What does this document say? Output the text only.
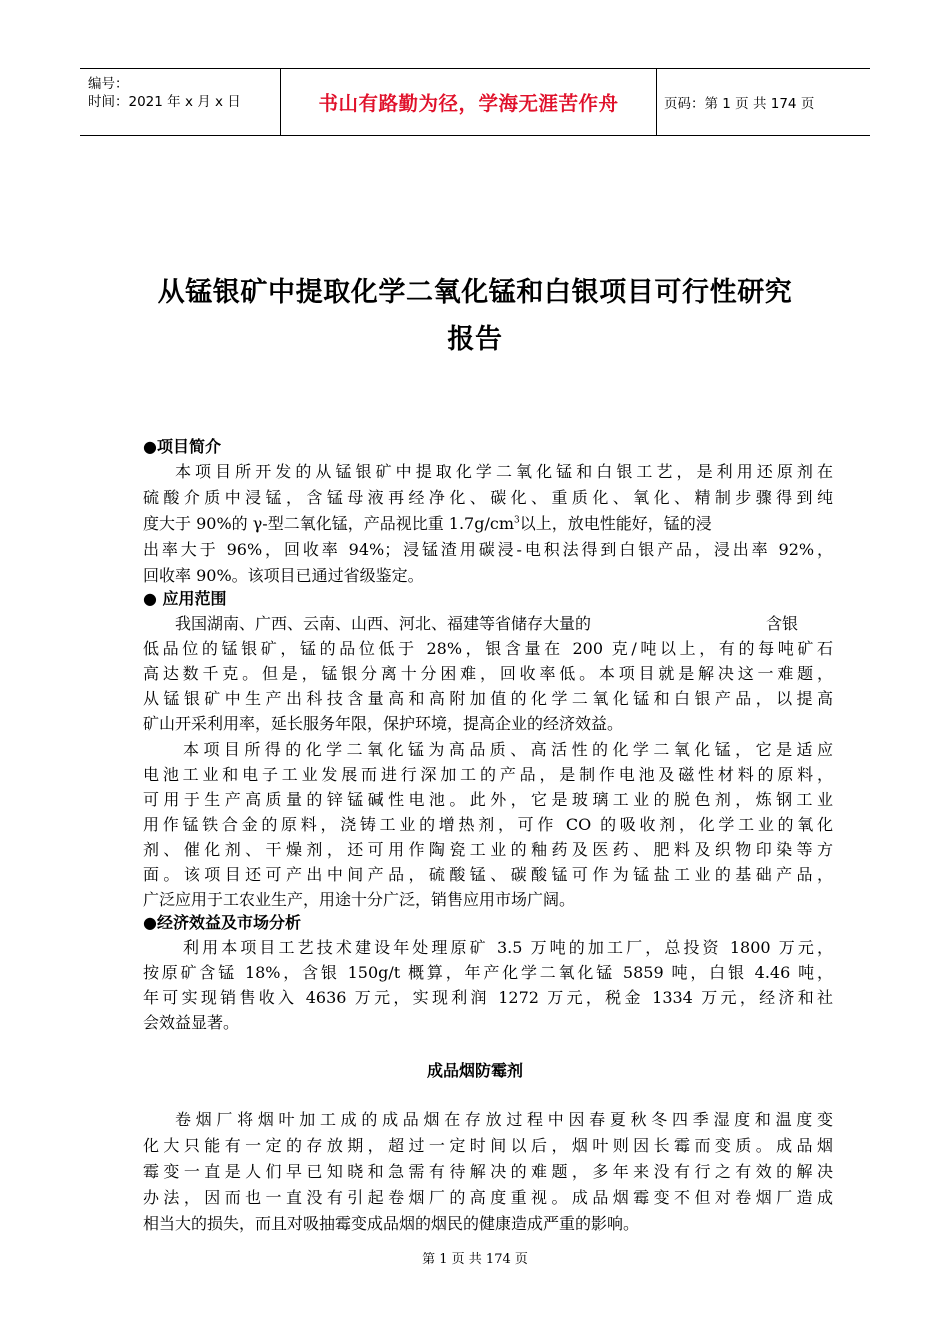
编号：
时间：2021 年 x 月 x 日	书山有路勤为径，学海无涯苦作舟	页码：第 1 页 共 174 页
从锰银矿中提取化学二氧化锰和白银项目可行性研究
报告
●项目简介
本项目所开发的从锰银矿中提取化学二氧化锰和白银工艺，是利用还原剂在
硫酸介质中浸锰，含锰母液再经净化、碳化、重质化、氧化、精制步骤得到纯
度大于 90%的 γ-型二氧化锰，产品视比重 $1.7g/cm^3$以上，放电性能好，锰的浸
出率大于 96%，回收率 94%；浸锰渣用碳浸-电积法得到白银产品，浸出率 92%，
回收率 90%。该项目已通过省级鉴定。
● 应用范围
我国湖南、广西、云南、山西、河北、福建等省储存大量的	含银
低品位的锰银矿，锰的品位低于 28%，银含量在 200 克/吨以上，有的每吨矿石
高达数千克。但是，锰银分离十分困难，回收率低。本项目就是解决这一难题，
从锰银矿中生产出科技含量高和高附加值的化学二氧化锰和白银产品，以提高
矿山开采利用率，延长服务年限，保护环境，提高企业的经济效益。
本项目所得的化学二氧化锰为高品质、高活性的化学二氧化锰，它是适应
电池工业和电子工业发展而进行深加工的产品，是制作电池及磁性材料的原料，
可用于生产高质量的锌锰碱性电池。此外，它是玻璃工业的脱色剂，炼钢工业
用作锰铁合金的原料，浇铸工业的增热剂，可作 CO 的吸收剂，化学工业的氧化
剂、催化剂、干燥剂，还可用作陶瓷工业的釉药及医药、肥料及织物印染等方
面。该项目还可产出中间产品，硫酸锰、碳酸锰可作为锰盐工业的基础产品，
广泛应用于工农业生产，用途十分广泛，销售应用市场广阔。
●经济效益及市场分析
利用本项目工艺技术建设年处理原矿 3.5 万吨的加工厂，总投资 1800 万元，
按原矿含锰 18%，含银 150g/t 概算，年产化学二氧化锰 5859 吨，白银 4.46 吨，
年可实现销售收入 4636 万元，实现利润 1272 万元，税金 1334 万元，经济和社
会效益显著。
成品烟防霉剂
卷烟厂将烟叶加工成的成品烟在存放过程中因春夏秋冬四季湿度和温度变
化大只能有一定的存放期，超过一定时间以后，烟叶则因长霉而变质。成品烟
霉变一直是人们早已知晓和急需有待解决的难题，多年来没有行之有效的解决
办法，因而也一直没有引起卷烟厂的高度重视。成品烟霉变不但对卷烟厂造成
相当大的损失，而且对吸抽霉变成品烟的烟民的健康造成严重的影响。
第 1 页 共 174 页
